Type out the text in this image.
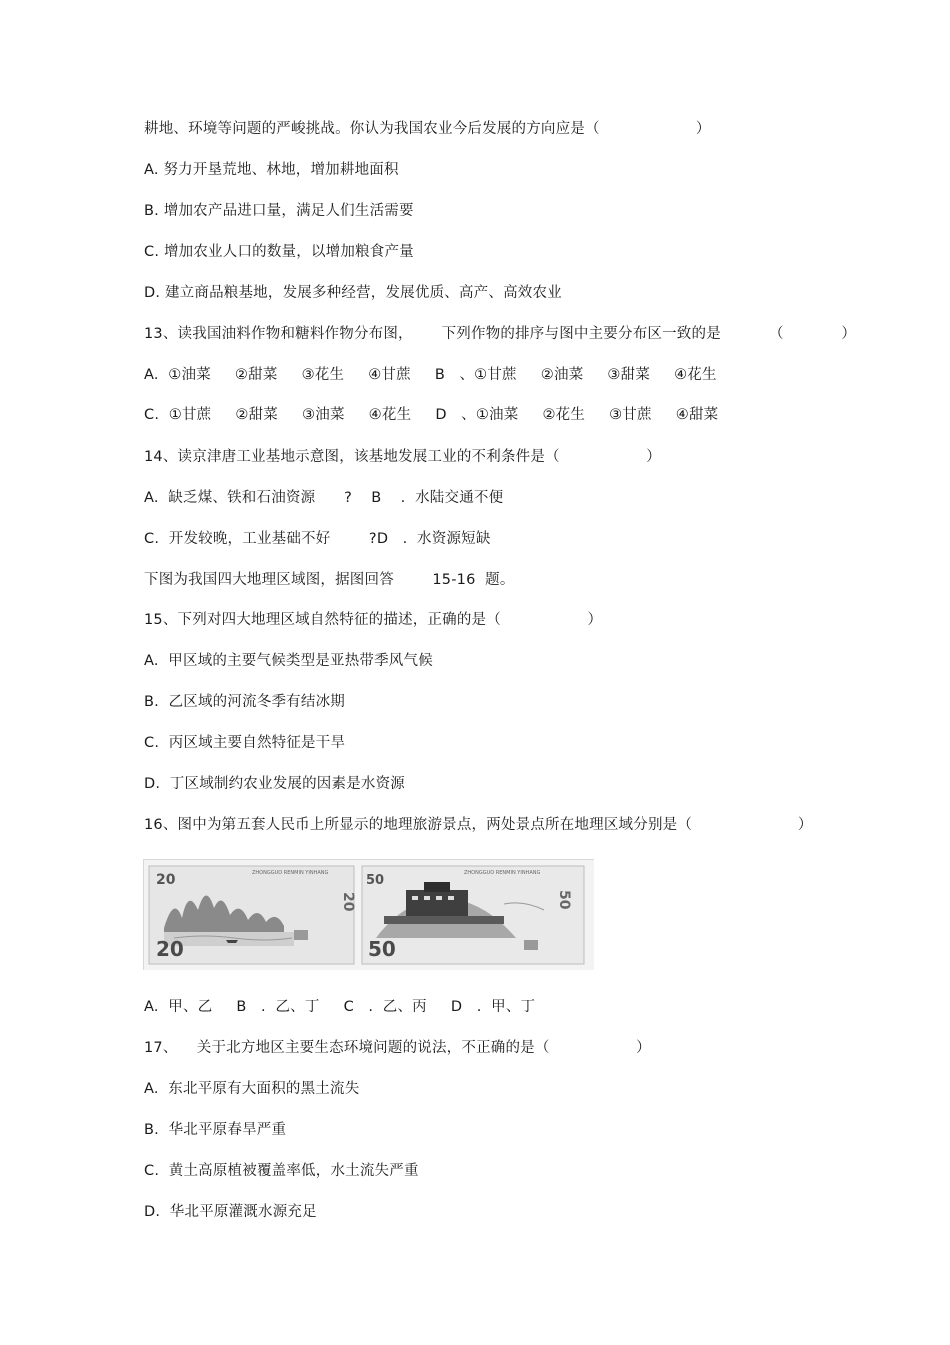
耕地、环境等问题的严峻挑战。你认为我国农业今后发展的方向应是（                    ）
A. 努力开垦荒地、林地，增加耕地面积
B. 增加农产品进口量，满足人们生活需要
C. 增加农业人口的数量，以增加粮食产量
D. 建立商品粮基地，发展多种经营，发展优质、高产、高效农业
13、读我国油料作物和糖料作物分布图，      下列作物的排序与图中主要分布区一致的是          （            ）
A.  ①油菜     ②甜菜     ③花生     ④甘蔗     B   、①甘蔗     ②油菜     ③甜菜     ④花生
C.  ①甘蔗     ②甜菜     ③油菜     ④花生     D   、①油菜     ②花生     ③甘蔗     ④甜菜
14、读京津唐工业基地示意图，该基地发展工业的不利条件是（                  ）
A.  缺乏煤、铁和石油资源      ?    B    .  水陆交通不便
C.  开发较晚，工业基础不好        ?D   .  水资源短缺
下图为我国四大地理区域图，据图回答        15-16  题。
15、下列对四大地理区域自然特征的描述，正确的是（                  ）
A.  甲区域的主要气候类型是亚热带季风气候
B.  乙区域的河流冬季有结冰期
C.  丙区域主要自然特征是干旱
D.  丁区域制约农业发展的因素是水资源
16、图中为第五套人民币上所显示的地理旅游景点，两处景点所在地理区域分别是（                      ）
20	ZHONGGUO RENMIN YINHANG
20
20
50	ZHONGGUO RENMIN YINHANG
50
50
A.  甲、乙     B   .  乙、丁     C   .  乙、丙     D   .  甲、丁
17、    关于北方地区主要生态环境问题的说法，不正确的是（                  ）
A.  东北平原有大面积的黑土流失
B.  华北平原春旱严重
C.  黄土高原植被覆盖率低，水土流失严重
D.  华北平原灌溉水源充足
